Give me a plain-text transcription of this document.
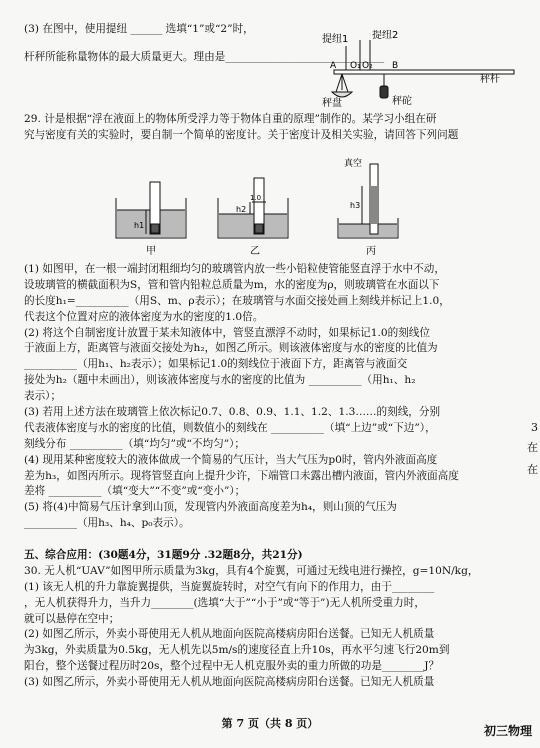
(3) 在图中，使用提纽 ______ 选填“1”或“2”时，

杆秤所能称量物体的最大质量更大。理由是______________________________

提纽1 提纽2
A O₁ O₂ B
秤杆
秤盘	秤砣

29. 计是根据“浮在液面上的物体所受浮力等于物体自重的原理”制作的。某学习小组在研

究与密度有关的实验时，要自制一个简单的密度计。关于密度计及相关实验，请回答下列问题

h1
h2
1.0
h3
真空
甲	乙	丙

(1) 如图甲，在一根一端封闭粗细均匀的玻璃管内放一些小铅粒使管能竖直浮于水中不动，

设玻璃管的横截面积为S，管和管内铅粒总质量为m，水的密度为ρ，则玻璃管在水面以下

的长度h₁=__________（用S、m、ρ表示）；在玻璃管与水面交接处画上刻线并标记上1.0，

代表这个位置对应的液体密度为水的密度的1.0倍。

(2) 将这个自制密度计放置于某未知液体中，管竖直漂浮不动时，如果标记1.0的刻线位

于液面上方，距离管与液面交接处为h₂，如图乙所示。则该液体密度与水的密度的比值为

__________（用h₁、h₂表示）；如果标记1.0的刻线位于液面下方，距离管与液面交

接处为h₂（题中未画出），则该液体密度与水的密度的比值为 __________（用h₁、h₂

表示）；

(3) 若用上述方法在玻璃管上依次标记0.7、0.8、0.9、1.1、1.2、1.3……的刻线，分别

代表液体密度与水的密度的比值，则数值小的刻线在 __________（填“上边”或“下边”），

刻线分布 __________（填“均匀”或“不均匀”）；

(4) 现用某种密度较大的液体做成一个简易的气压计，当大气压为p0时，管内外液面高度

差为h₃，如图丙所示。现将管竖直向上提升少许，下端管口未露出槽内液面，管内外液面高度

差将 __________（填“变大”“不变”或“变小”）；

(5) 将(4)中简易气压计拿到山顶，发现管内外液面高度差为h₄，则山顶的气压为

__________（用h₃、h₄、p₀表示）。

五、综合应用：(30题4分，31题9分 .32题8分，共21分)

30. 无人机“UAV”如图甲所示质量为3kg，具有4个旋翼，可通过无线电进行操控，g=10N/kg，

(1) 该无人机的升力靠旋翼提供，当旋翼旋转时，对空气有向下的作用力，由于________

，无人机获得升力，当升力________(选填“大于”“小于”或“等于”)无人机所受重力时，

就可以悬停在空中；

(2) 如图乙所示，外卖小哥使用无人机从地面向医院高楼病房阳台送餐。已知无人机质量

为3kg，外卖质量为0.5kg，无人机先以5m/s的速度径直上升10s，再水平匀速飞行20m到

阳台，整个送餐过程历时20s，整个过程中无人机克服外卖的重力所做的功是________J？

(3) 如图乙所示，外卖小哥使用无人机从地面向医院高楼病房阳台送餐。已知无人机质量

3
在
在
第 7 页（共 8 页）
初三物理
